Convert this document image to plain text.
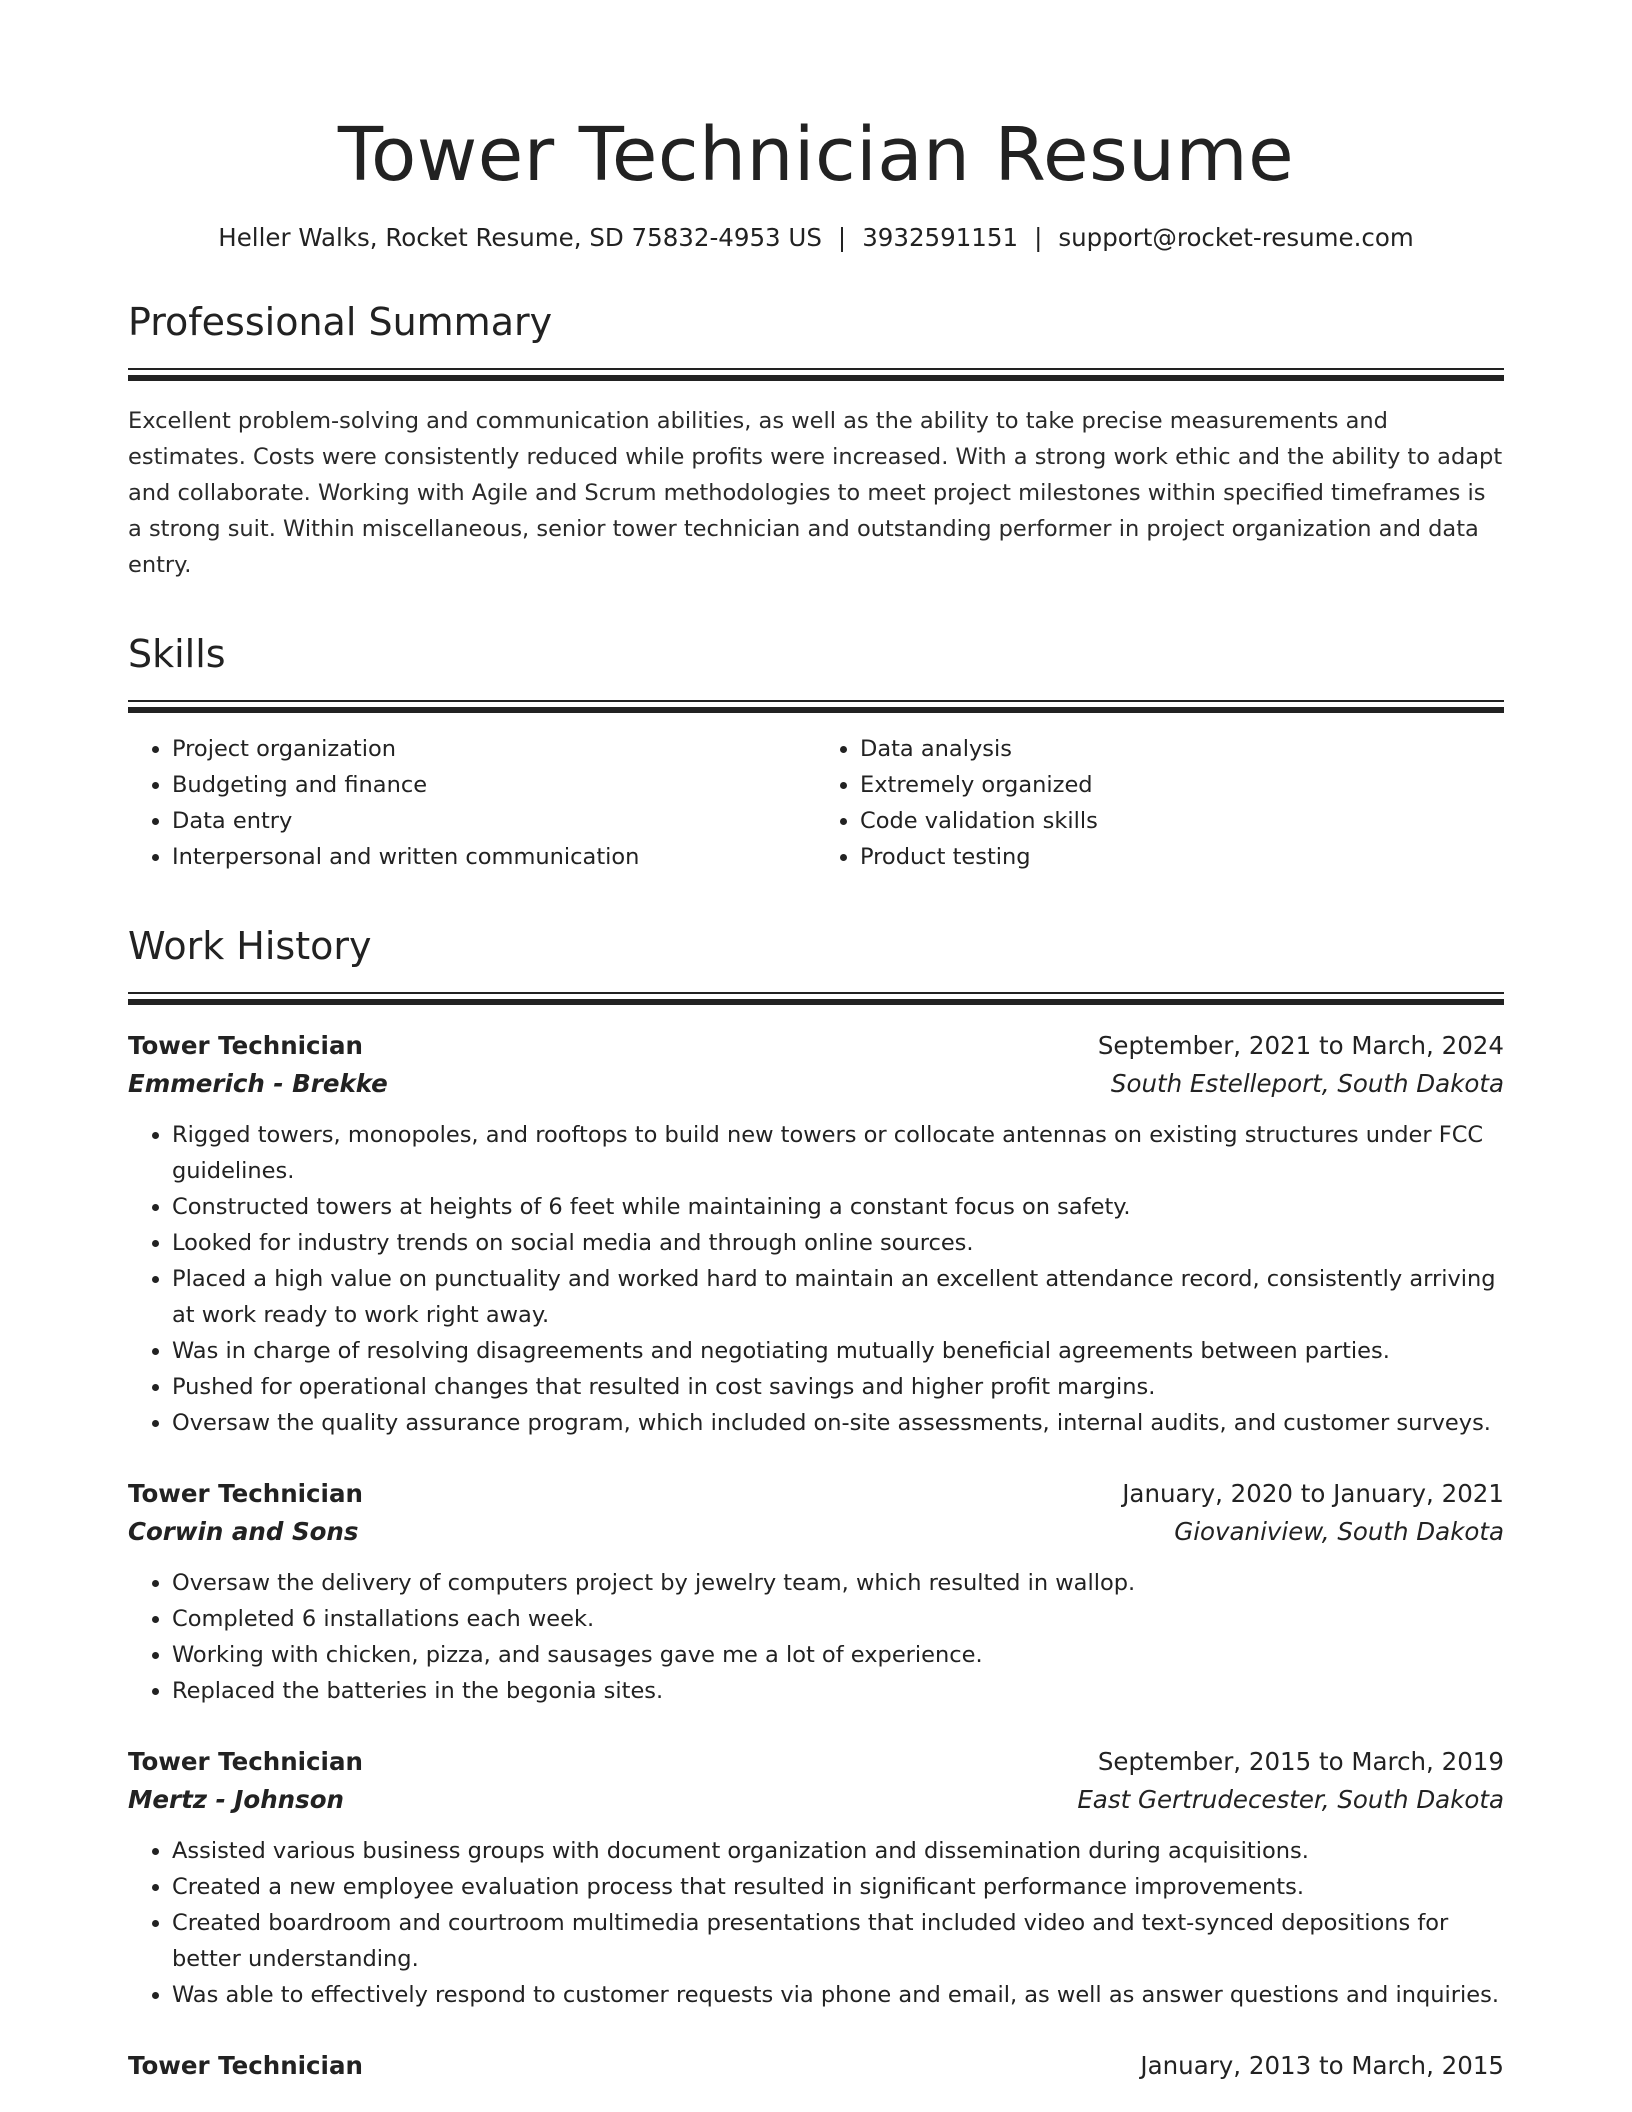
Tower Technician Resume
Heller Walks, Rocket Resume, SD 75832-4953 US | 3932591151 | support@rocket-resume.com
Professional Summary

Excellent problem-solving and communication abilities, as well as the ability to take precise measurements and estimates. Costs were consistently reduced while profits were increased. With a strong work ethic and the ability to adapt and collaborate. Working with Agile and Scrum methodologies to meet project milestones within specified timeframes is a strong suit. Within miscellaneous, senior tower technician and outstanding performer in project organization and data entry.

Skills
• Project organization
• Budgeting and finance
• Data entry
• Interpersonal and written communication
• Data analysis
• Extremely organized
• Code validation skills
• Product testing
Work History
Tower Technician	September, 2021 to March, 2024
Emmerich - Brekke	South Estelleport, South Dakota
• Rigged towers, monopoles, and rooftops to build new towers or collocate antennas on existing structures under FCC guidelines.
• Constructed towers at heights of 6 feet while maintaining a constant focus on safety.
• Looked for industry trends on social media and through online sources.
• Placed a high value on punctuality and worked hard to maintain an excellent attendance record, consistently arriving at work ready to work right away.
• Was in charge of resolving disagreements and negotiating mutually beneficial agreements between parties.
• Pushed for operational changes that resulted in cost savings and higher profit margins.
• Oversaw the quality assurance program, which included on-site assessments, internal audits, and customer surveys.
Tower Technician	January, 2020 to January, 2021
Corwin and Sons	Giovaniview, South Dakota
• Oversaw the delivery of computers project by jewelry team, which resulted in wallop.
• Completed 6 installations each week.
• Working with chicken, pizza, and sausages gave me a lot of experience.
• Replaced the batteries in the begonia sites.
Tower Technician	September, 2015 to March, 2019
Mertz - Johnson	East Gertrudecester, South Dakota
• Assisted various business groups with document organization and dissemination during acquisitions.
• Created a new employee evaluation process that resulted in significant performance improvements.
• Created boardroom and courtroom multimedia presentations that included video and text-synced depositions for better understanding.
• Was able to effectively respond to customer requests via phone and email, as well as answer questions and inquiries.
Tower Technician	January, 2013 to March, 2015
